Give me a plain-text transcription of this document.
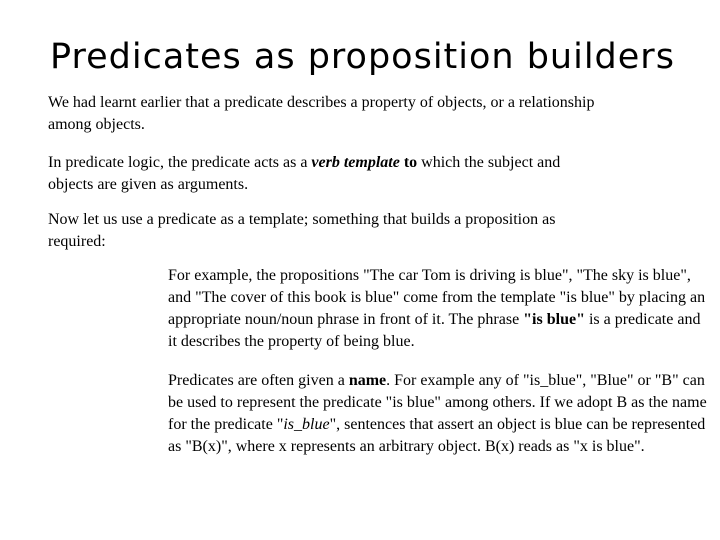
Predicates as proposition builders

We had learnt earlier that a predicate describes a property of objects, or a relationship among objects.

In predicate logic, the predicate acts as a verb template to which the subject and objects are given as arguments.

Now let us use a predicate as a template; something that builds a proposition as required:

For example, the propositions "The car Tom is driving is blue", "The sky is blue", and "The cover of this book is blue" come from the template "is blue" by placing an appropriate noun/noun phrase in front of it. The phrase "is blue" is a predicate and it describes the property of being blue.

Predicates are often given a name. For example any of "is_blue", "Blue" or "B" can be used to represent the predicate "is blue" among others. If we adopt B as the name for the predicate "is_blue", sentences that assert an object is blue can be represented as "B(x)", where x represents an arbitrary object. B(x) reads as "x is blue".
